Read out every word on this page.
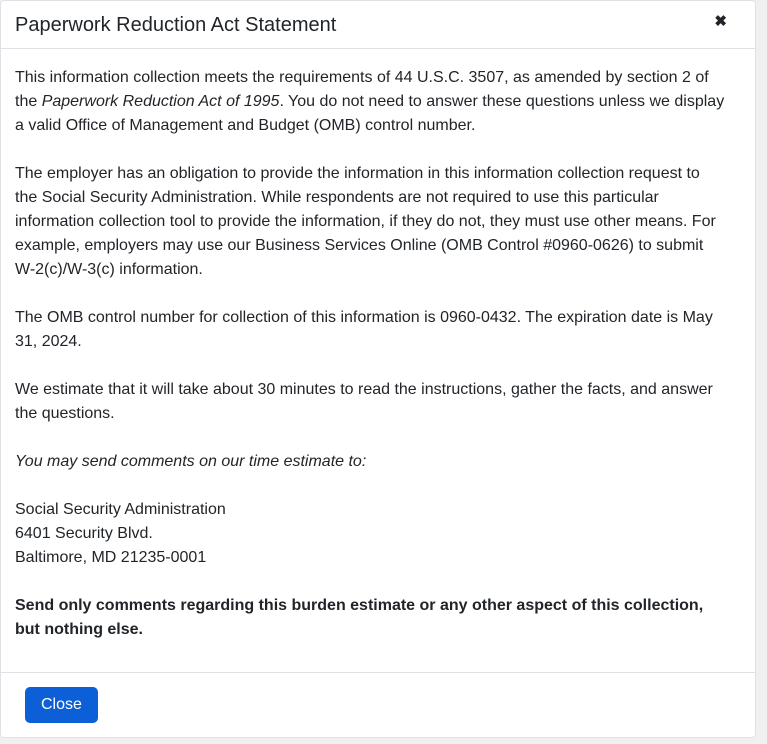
Paperwork Reduction Act Statement	✖

This information collection meets the requirements of 44 U.S.C. 3507, as amended by section 2 of the Paperwork Reduction Act of 1995. You do not need to answer these questions unless we display a valid Office of Management and Budget (OMB) control number.

The employer has an obligation to provide the information in this information collection request to the Social Security Administration. While respondents are not required to use this particular information collection tool to provide the information, if they do not, they must use other means. For example, employers may use our Business Services Online (OMB Control #0960-0626) to submit W-2(c)/W-3(c) information.

The OMB control number for collection of this information is 0960-0432. The expiration date is May 31, 2024.

We estimate that it will take about 30 minutes to read the instructions, gather the facts, and answer the questions.

You may send comments on our time estimate to:

Social Security Administration
6401 Security Blvd.
Baltimore, MD 21235-0001

Send only comments regarding this burden estimate or any other aspect of this collection, but nothing else.

Close
